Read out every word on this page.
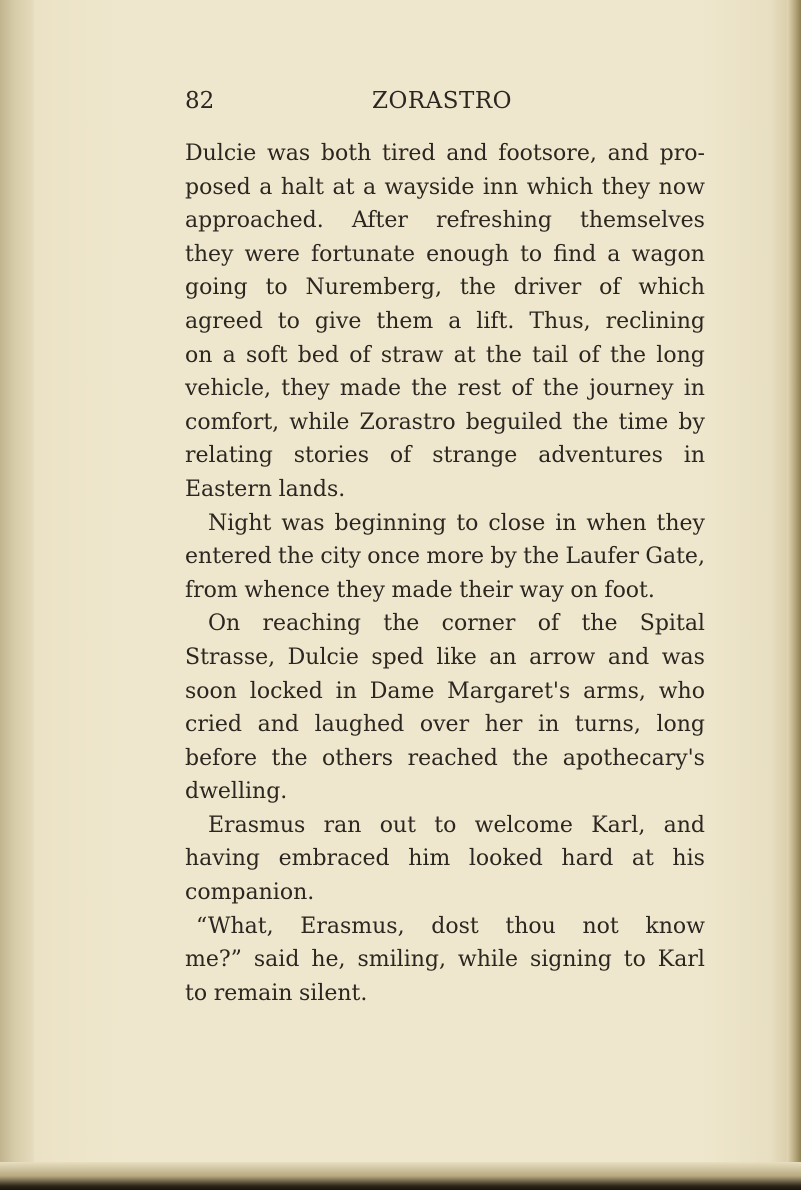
82	ZORASTRO
Dulcie was both tired and footsore, and pro-
posed a halt at a wayside inn which they now
approached. After refreshing themselves
they were fortunate enough to find a wagon
going to Nuremberg, the driver of which
agreed to give them a lift. Thus, reclining
on a soft bed of straw at the tail of the long
vehicle, they made the rest of the journey in
comfort, while Zorastro beguiled the time by
relating stories of strange adventures in
Eastern lands.
Night was beginning to close in when they
entered the city once more by the Laufer Gate,
from whence they made their way on foot.
On reaching the corner of the Spital
Strasse, Dulcie sped like an arrow and was
soon locked in Dame Margaret's arms, who
cried and laughed over her in turns, long
before the others reached the apothecary's
dwelling.
Erasmus ran out to welcome Karl, and
having embraced him looked hard at his
companion.
“What, Erasmus, dost thou not know
me?” said he, smiling, while signing to Karl
to remain silent.
